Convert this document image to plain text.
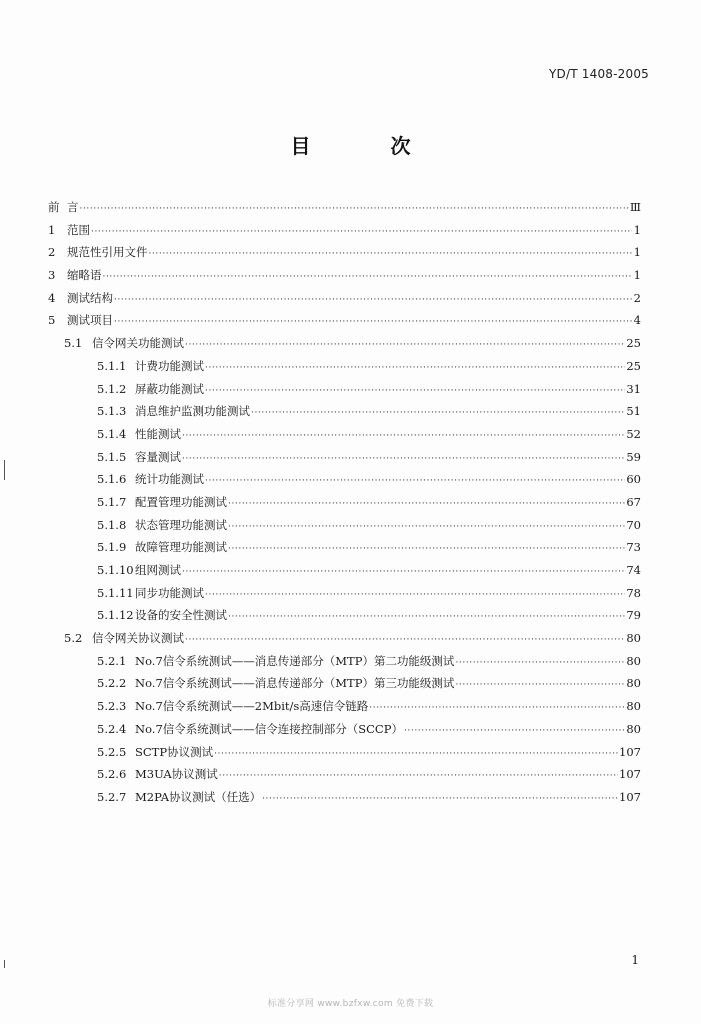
YD/T 1408-2005
目　次
前 言 ·····	Ⅲ
1	范围 ·····	1
2	规范性引用文件 ·····	1
3	缩略语 ·····	1
4	测试结构 ·····	2
5	测试项目 ·····	4
5.1 信令网关功能测试 ·····	25
5.1.1 计费功能测试 ·····	25
5.1.2 屏蔽功能测试 ·····	31
5.1.3 消息维护监测功能测试 ·····	51
5.1.4 性能测试 ·····	52
5.1.5 容量测试 ·····	59
5.1.6 统计功能测试 ·····	60
5.1.7 配置管理功能测试 ·····	67
5.1.8 状态管理功能测试 ·····	70
5.1.9 故障管理功能测试 ·····	73
5.1.10 组网测试 ·····	74
5.1.11 同步功能测试 ·····	78
5.1.12 设备的安全性测试 ·····	79
5.2 信令网关协议测试 ·····	80
5.2.1 No.7信令系统测试——消息传递部分（MTP）第二功能级测试 ·····	80
5.2.2 No.7信令系统测试——消息传递部分（MTP）第三功能级测试 ·····	80
5.2.3 No.7信令系统测试——2Mbit/s高速信令链路 ·····	80
5.2.4 No.7信令系统测试——信令连接控制部分（SCCP） ·····	80
5.2.5 SCTP协议测试 ·····	107
5.2.6 M3UA协议测试 ·····	107
5.2.7 M2PA协议测试（任选） ·····	107
1
标准分享网 www.bzfxw.com 免费下载
